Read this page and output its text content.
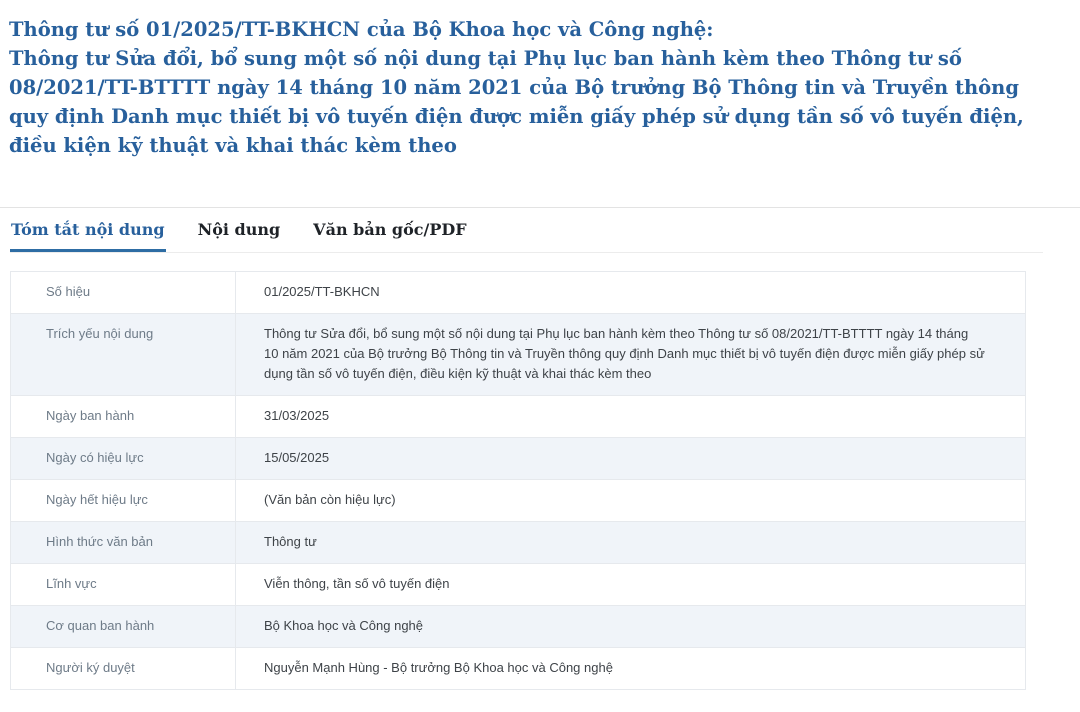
Thông tư số 01/2025/TT-BKHCN của Bộ Khoa học và Công nghệ:
Thông tư Sửa đổi, bổ sung một số nội dung tại Phụ lục ban hành kèm theo Thông tư số 08/2021/TT-BTTTT ngày 14 tháng 10 năm 2021 của Bộ trưởng Bộ Thông tin và Truyền thông quy định Danh mục thiết bị vô tuyến điện được miễn giấy phép sử dụng tần số vô tuyến điện, điều kiện kỹ thuật và khai thác kèm theo
Tóm tắt nội dung Nội dung Văn bản gốc/PDF
Số hiệu	01/2025/TT-BKHCN
Trích yếu nội dung	Thông tư Sửa đổi, bổ sung một số nội dung tại Phụ lục ban hành kèm theo Thông tư số 08/2021/TT-BTTTT ngày 14 tháng 10 năm 2021 của Bộ trưởng Bộ Thông tin và Truyền thông quy định Danh mục thiết bị vô tuyến điện được miễn giấy phép sử dụng tần số vô tuyến điện, điều kiện kỹ thuật và khai thác kèm theo
Ngày ban hành	31/03/2025
Ngày có hiệu lực	15/05/2025
Ngày hết hiệu lực	(Văn bản còn hiệu lực)
Hình thức văn bản	Thông tư
Lĩnh vực	Viễn thông, tần số vô tuyến điện
Cơ quan ban hành	Bộ Khoa học và Công nghệ
Người ký duyệt	Nguyễn Mạnh Hùng - Bộ trưởng Bộ Khoa học và Công nghệ
